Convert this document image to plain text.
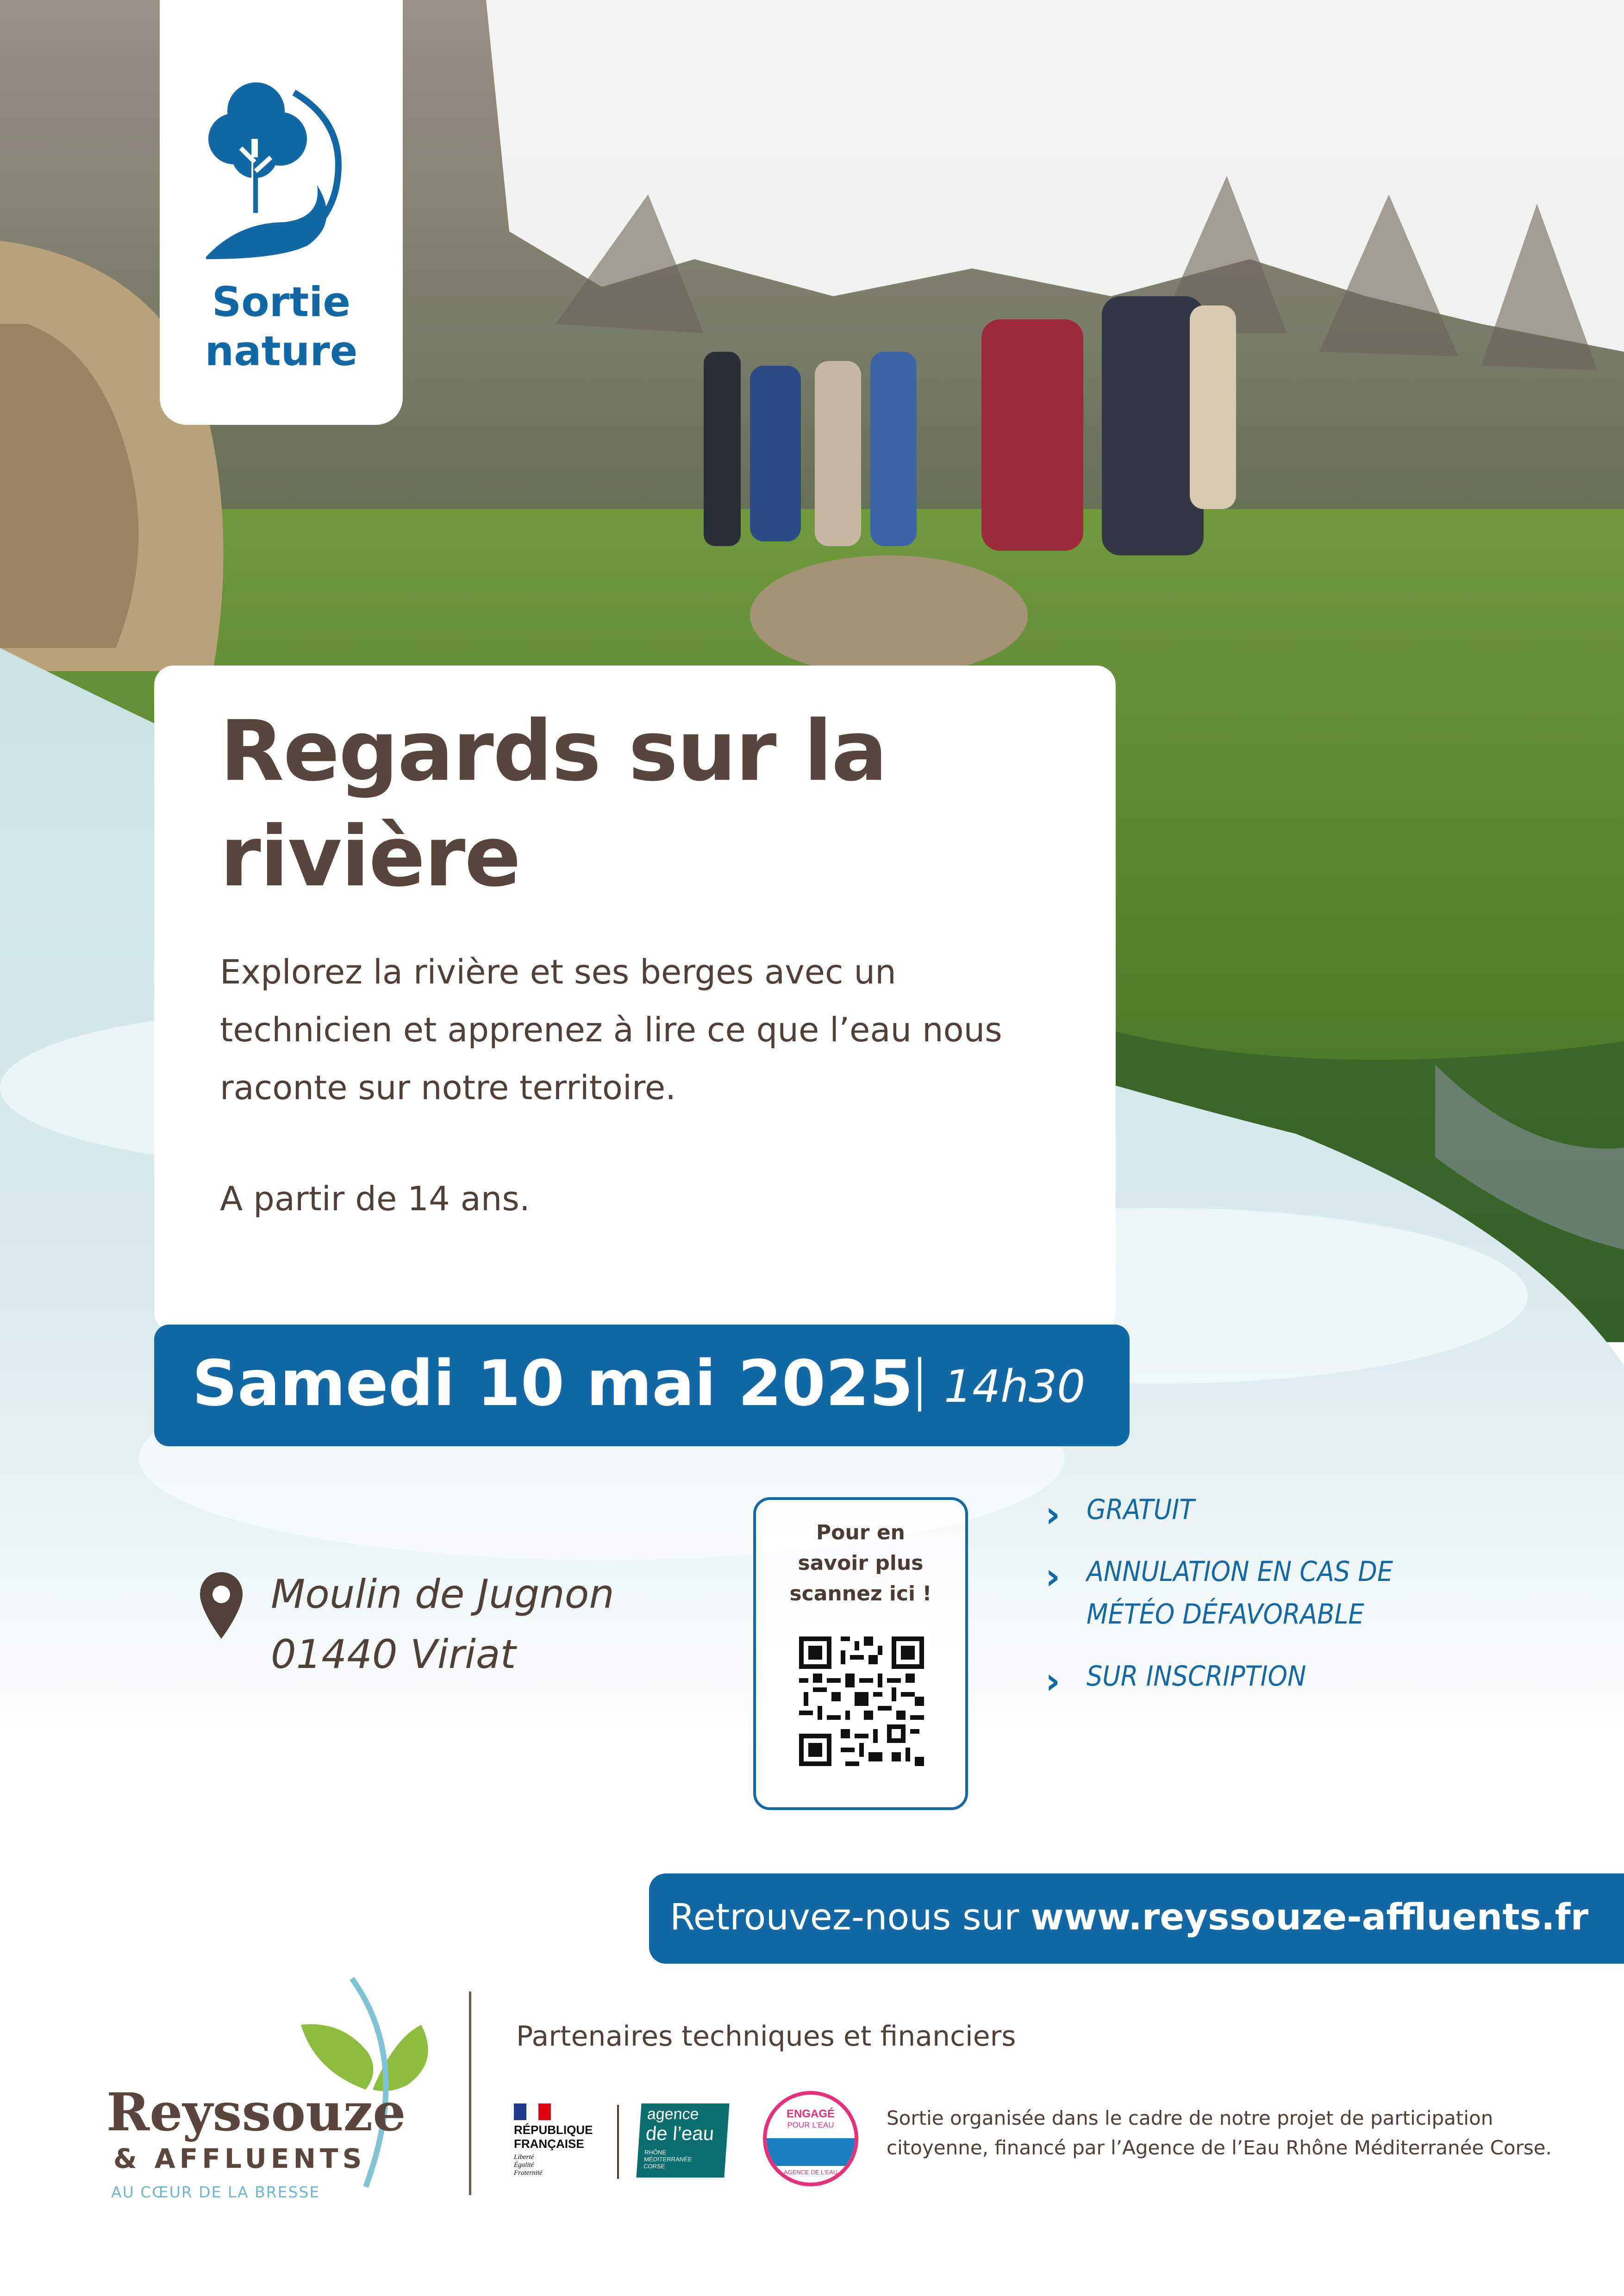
Sortie
nature
Regards sur la
rivière
Explorez la rivière et ses berges avec un
technicien et apprenez à lire ce que l’eau nous
raconte sur notre territoire.
A partir de 14 ans.
Samedi 10 mai 2025 14h30
Moulin de Jugnon
01440 Viriat
Pour en
savoir plus
scannez ici !
› GRATUIT
› ANNULATION EN CAS DE
MÉTÉO DÉFAVORABLE
› SUR INSCRIPTION
Retrouvez-nous sur www.reyssouze-affluents.fr
Reyssouze
& AFFLUENTS
AU CŒUR DE LA BRESSE
Partenaires techniques et financiers
RÉPUBLIQUE
FRANÇAISE
Liberté
Égalité
Fraternité
agence
de l’eau
RHÔNE
MÉDITERRANÉE
CORSE
ENGAGÉ
POUR L’EAU
AGENCE DE L’EAU
Sortie organisée dans le cadre de notre projet de participation
citoyenne, financé par l’Agence de l’Eau Rhône Méditerranée Corse.
